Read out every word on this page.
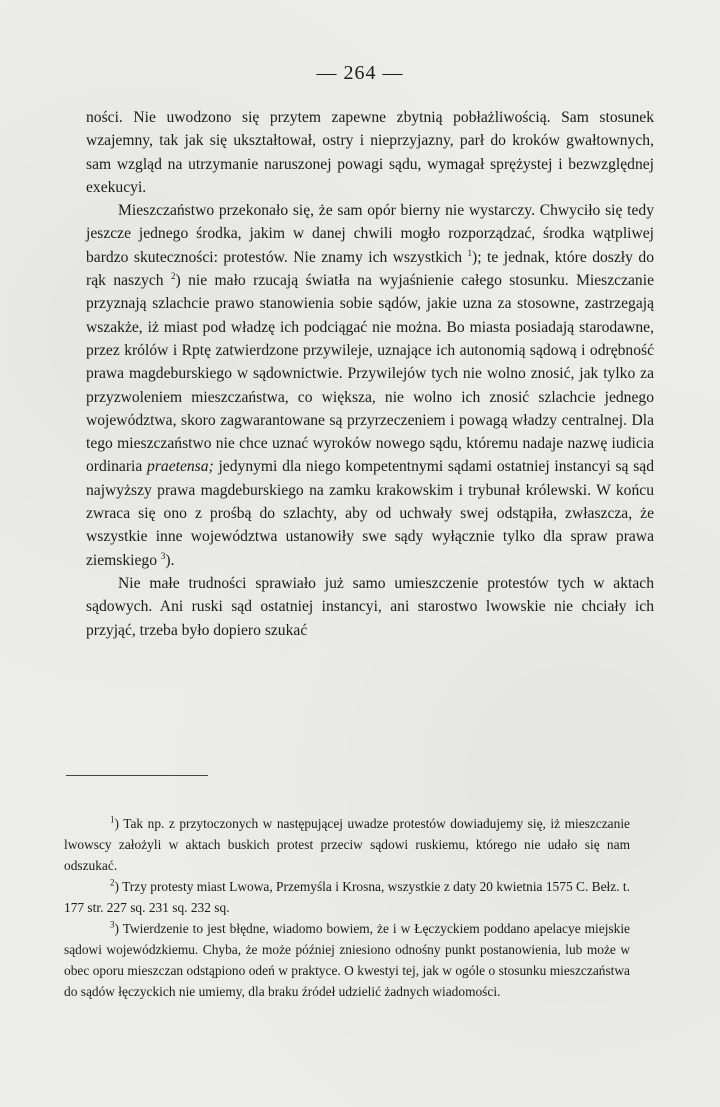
— 264 —

ności. Nie uwodzono się przytem zapewne zbytnią pobłażliwością. Sam stosunek wzajemny, tak jak się ukształtował, ostry i nieprzyjazny, parł do kroków gwałtownych, sam wzgląd na utrzymanie naruszonej powagi sądu, wymagał sprężystej i bezwzględnej exekucyi.

Mieszczaństwo przekonało się, że sam opór bierny nie wystarczy. Chwyciło się tedy jeszcze jednego środka, jakim w danej chwili mogło rozporządzać, środka wątpliwej bardzo skuteczności: protestów. Nie znamy ich wszystkich $^1$); te jednak, które doszły do rąk naszych $^2$) nie mało rzucają światła na wyjaśnienie całego stosunku. Mieszczanie przyznają szlachcie prawo stanowienia sobie sądów, jakie uzna za stosowne, zastrzegają wszakże, iż miast pod władzę ich podciągać nie można. Bo miasta posiadają starodawne, przez królów i Rptę zatwierdzone przywileje, uznające ich autonomią sądową i odrębność prawa magdeburskiego w sądownictwie. Przywilejów tych nie wolno znosić, jak tylko za przyzwoleniem mieszczaństwa, co większa, nie wolno ich znosić szlachcie jednego województwa, skoro zagwarantowane są przyrzeczeniem i powagą władzy centralnej. Dla tego mieszczaństwo nie chce uznać wyroków nowego sądu, któremu nadaje nazwę iudicia ordinaria praetensa; jedynymi dla niego kompetentnymi sądami ostatniej instancyi są sąd najwyższy prawa magdeburskiego na zamku krakowskim i trybunał królewski. W końcu zwraca się ono z prośbą do szlachty, aby od uchwały swej odstąpiła, zwłaszcza, że wszystkie inne województwa ustanowiły swe sądy wyłącznie tylko dla spraw prawa ziemskiego $^3$).

Nie małe trudności sprawiało już samo umieszczenie protestów tych w aktach sądowych. Ani ruski sąd ostatniej instancyi, ani starostwo lwowskie nie chciały ich przyjąć, trzeba było dopiero szukać

$^1$) Tak np. z przytoczonych w następującej uwadze protestów dowiadujemy się, iż mieszczanie lwowscy założyli w aktach buskich protest przeciw sądowi ruskiemu, którego nie udało się nam odszukać.

$^2$) Trzy protesty miast Lwowa, Przemyśla i Krosna, wszystkie z daty 20 kwietnia 1575 C. Bełz. t. 177 str. 227 sq. 231 sq. 232 sq.

$^3$) Twierdzenie to jest błędne, wiadomo bowiem, że i w Łęczyckiem poddano apelacye miejskie sądowi wojewódzkiemu. Chyba, że może później zniesiono odnośny punkt postanowienia, lub może w obec oporu mieszczan odstąpiono odeń w praktyce. O kwestyi tej, jak w ogóle o stosunku mieszczaństwa do sądów łęczyckich nie umiemy, dla braku źródeł udzielić żadnych wiadomości.
